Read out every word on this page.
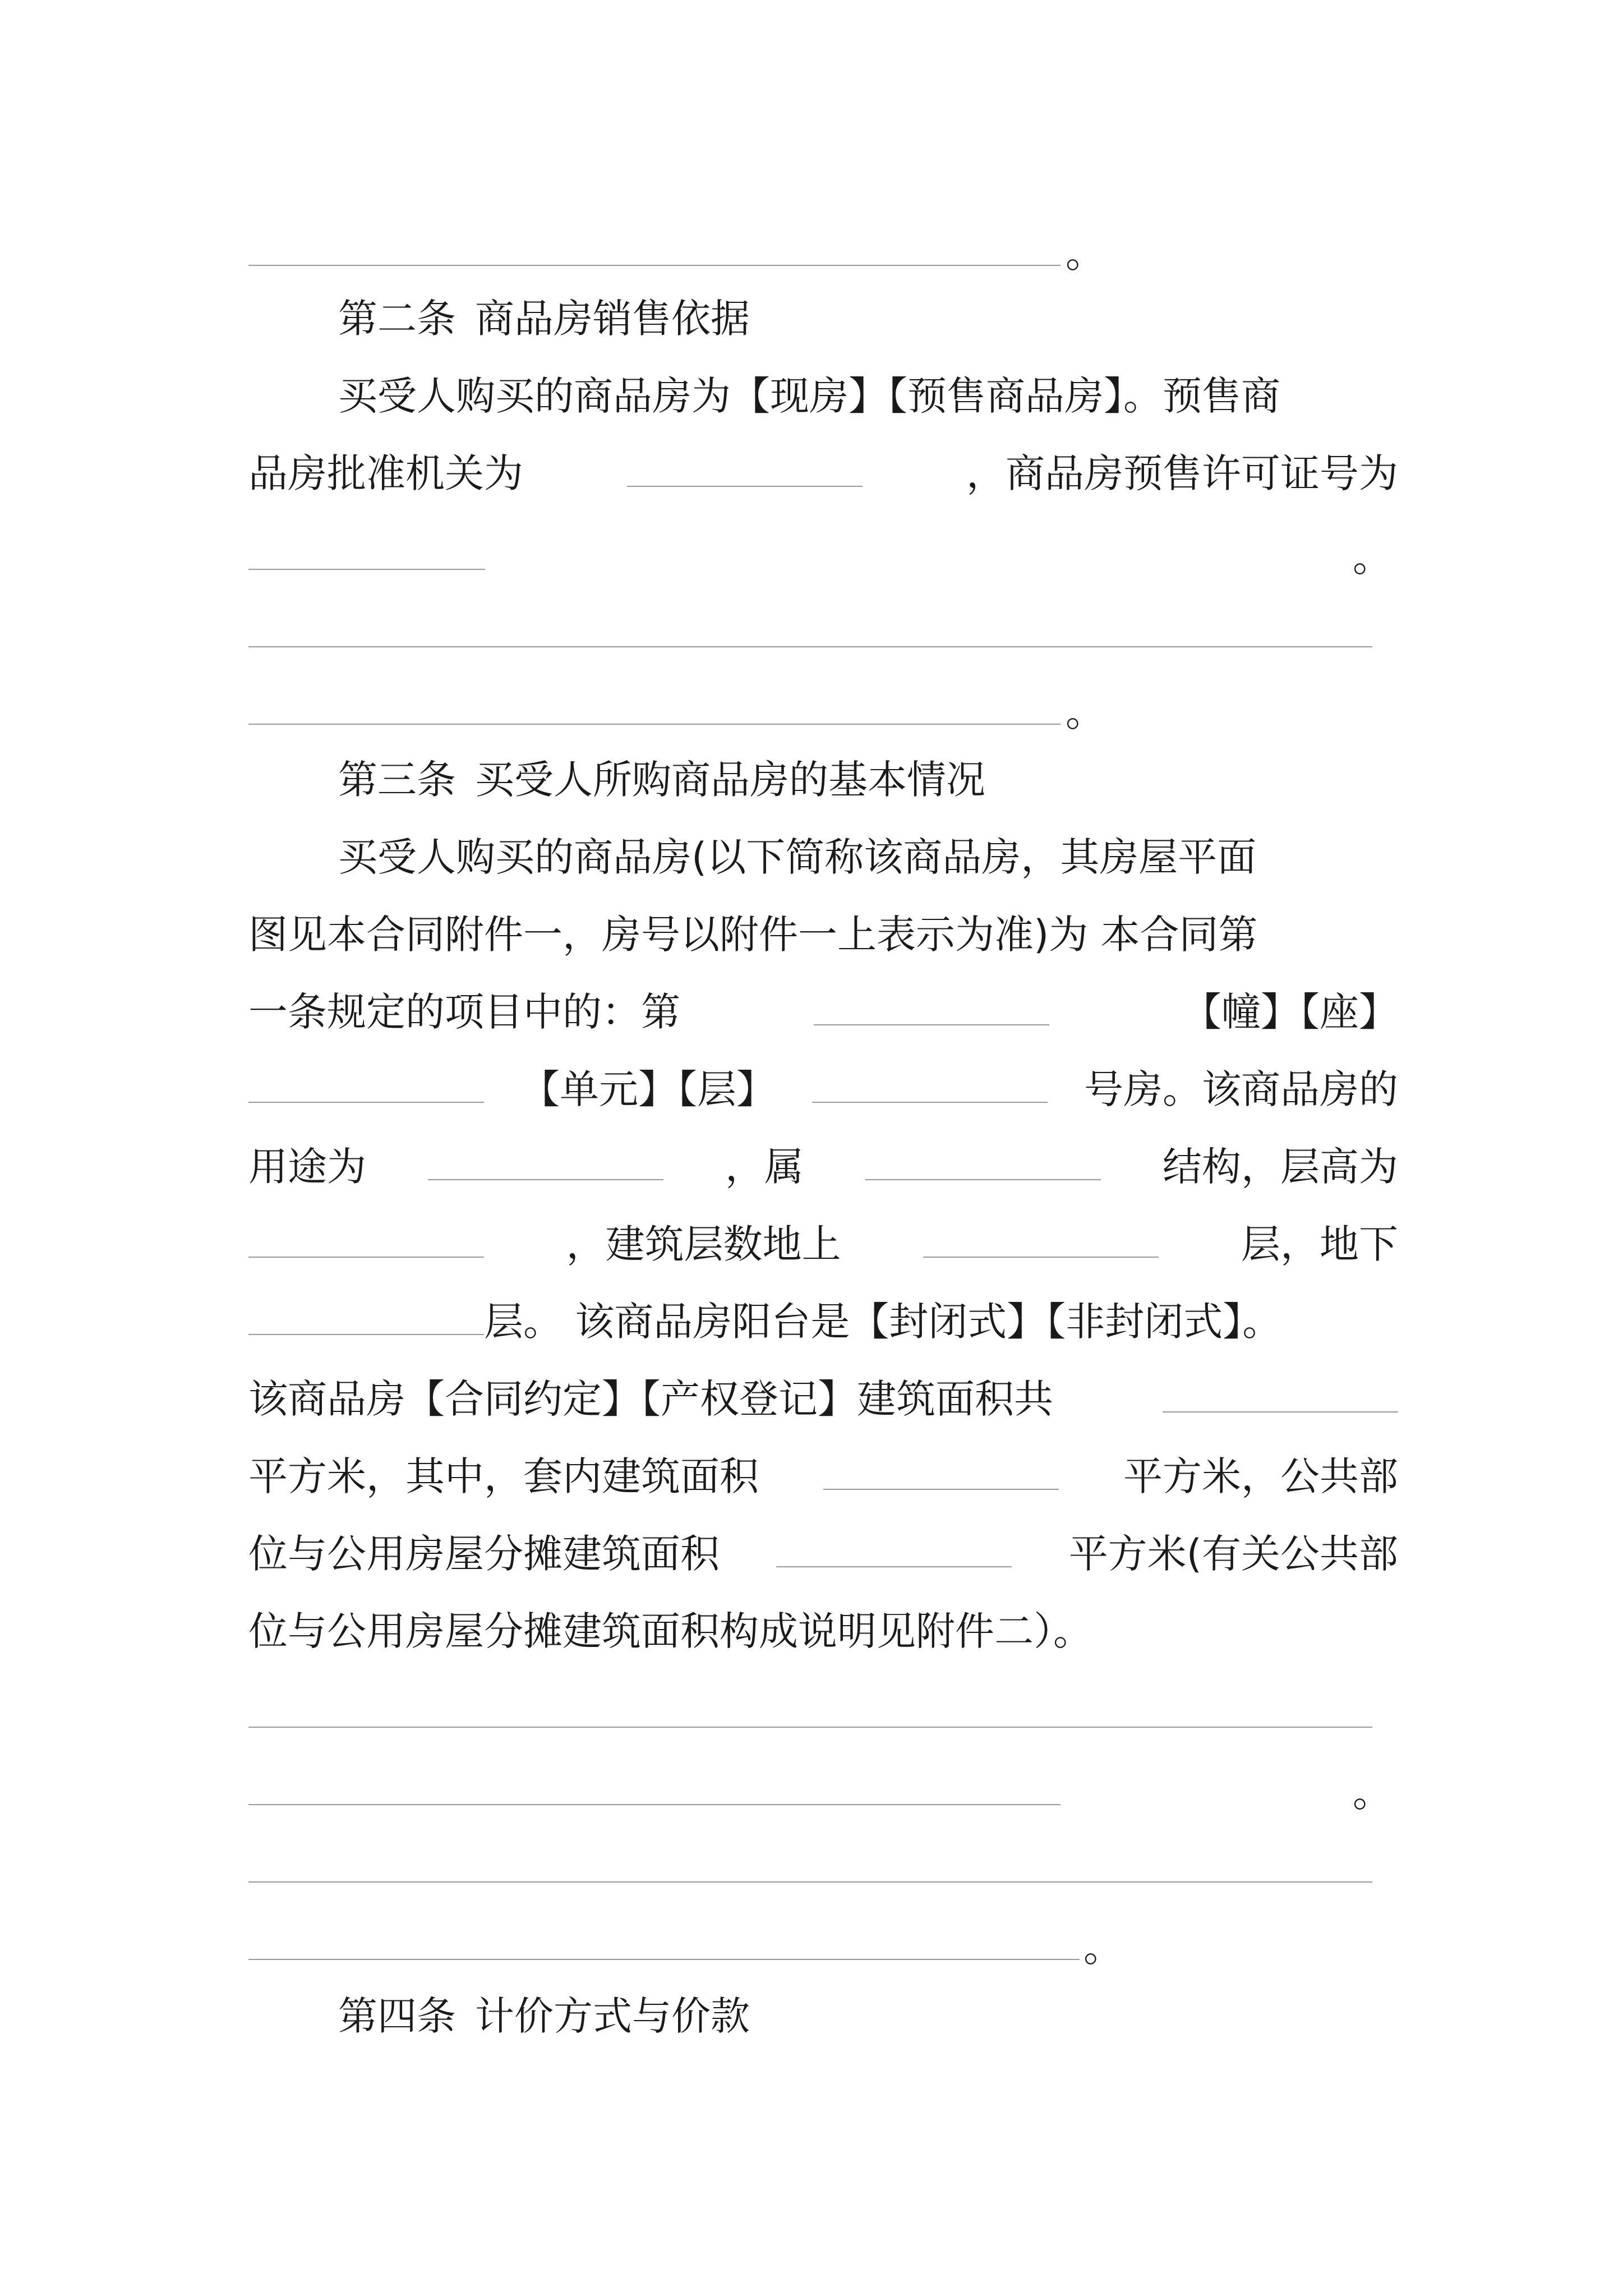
。
第二条 商品房销售依据
买受人购买的商品房为【现房】【预售商品房】。预售商
品房批准机关为	，商品房预售许可证号为
。
。
第三条 买受人所购商品房的基本情况
买受人购买的商品房(以下简称该商品房，其房屋平面
图见本合同附件一，房号以附件一上表示为准)为 本合同第
一条规定的项目中的：第	【幢】【座】
【单元】【层】	号房。该商品房的
用途为	，属	结构，层高为
，建筑层数地上	层，地下
层。 该商品房阳台是【封闭式】【非封闭式】。
该商品房【合同约定】【产权登记】建筑面积共
平方米，其中，套内建筑面积	平方米，公共部
位与公用房屋分摊建筑面积	平方米(有关公共部
位与公用房屋分摊建筑面积构成说明见附件二）。
。
。
第四条 计价方式与价款
